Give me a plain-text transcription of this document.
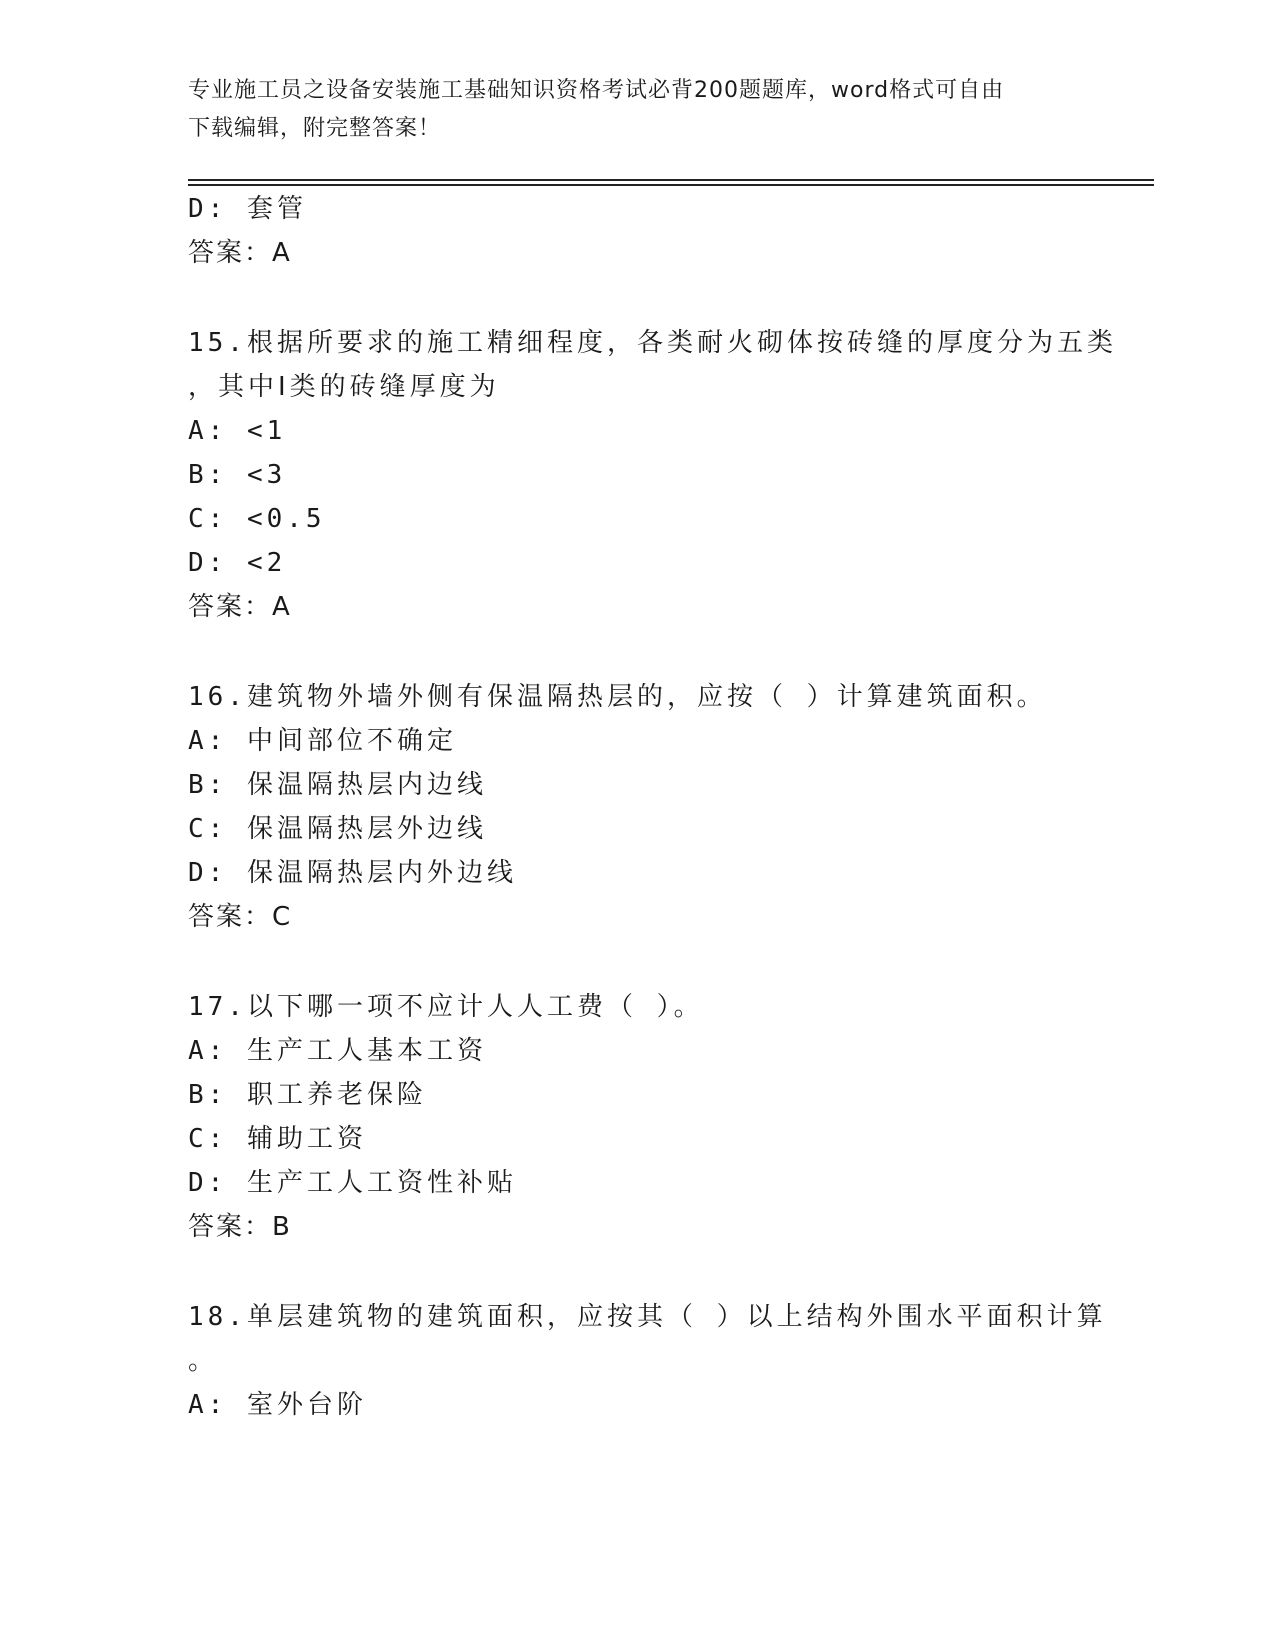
专业施工员之设备安装施工基础知识资格考试必背200题题库，word格式可自由
下载编辑，附完整答案！
D: 套管
答案：A
15.根据所要求的施工精细程度，各类耐火砌体按砖缝的厚度分为五类
，其中Ⅰ类的砖缝厚度为
A: <1
B: <3
C: <0.5
D: <2
答案：A
16.建筑物外墙外侧有保温隔热层的，应按（ ）计算建筑面积。
A: 中间部位不确定
B: 保温隔热层内边线
C: 保温隔热层外边线
D: 保温隔热层内外边线
答案：C
17.以下哪一项不应计人人工费（ ）。
A: 生产工人基本工资
B: 职工养老保险
C: 辅助工资
D: 生产工人工资性补贴
答案：B
18.单层建筑物的建筑面积，应按其（ ）以上结构外围水平面积计算
。
A: 室外台阶
